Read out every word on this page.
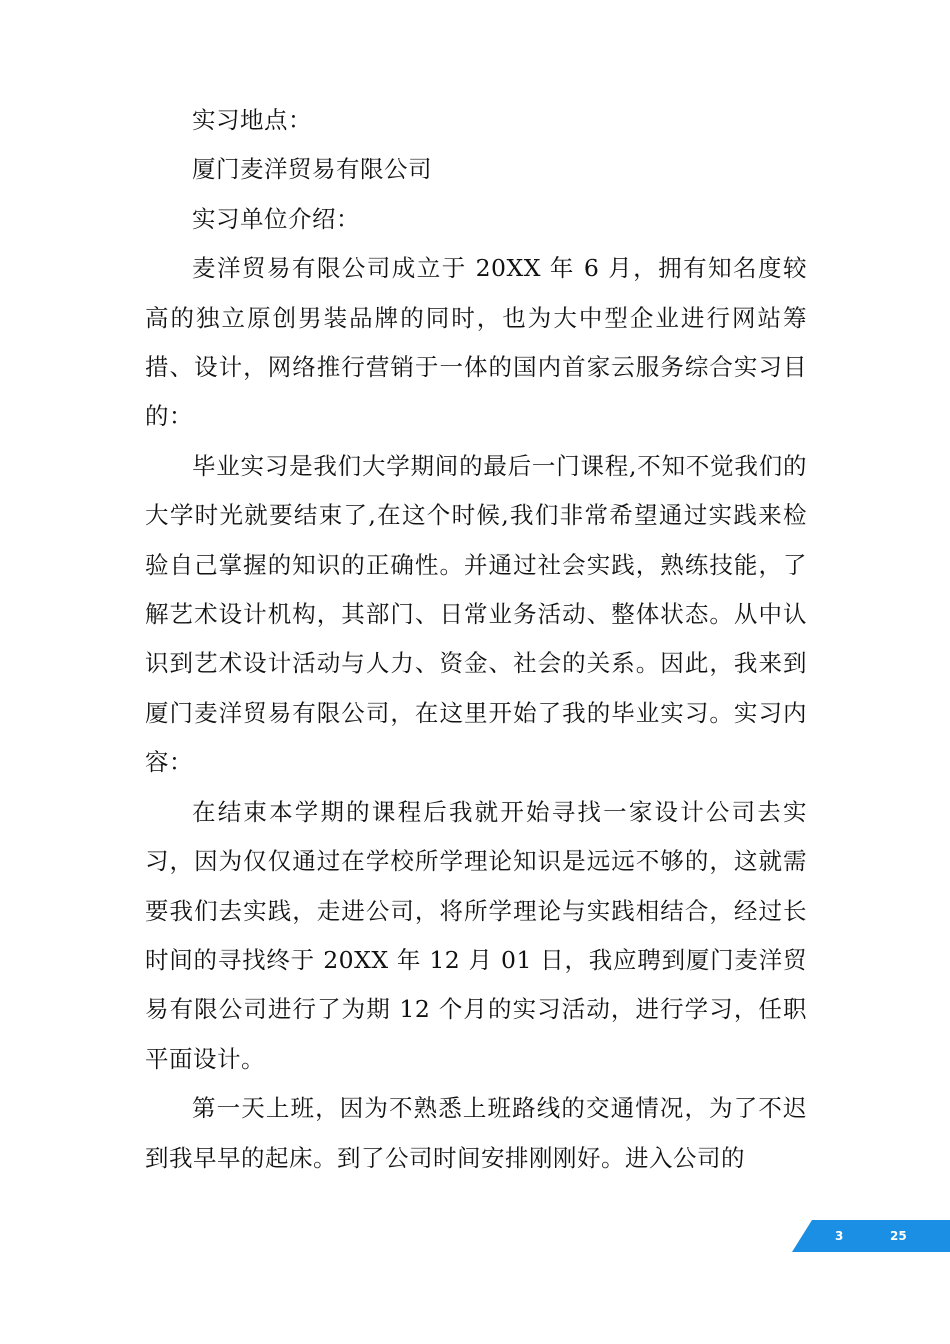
实习地点：

厦门麦洋贸易有限公司

实习单位介绍：

麦洋贸易有限公司成立于 20XX 年 6 月，拥有知名度较高的独立原创男装品牌的同时，也为大中型企业进行网站筹措、设计，网络推行营销于一体的国内首家云服务综合实习目的：

毕业实习是我们大学期间的最后一门课程,不知不觉我们的大学时光就要结束了,在这个时候,我们非常希望通过实践来检验自己掌握的知识的正确性。并通过社会实践，熟练技能，了解艺术设计机构，其部门、日常业务活动、整体状态。从中认识到艺术设计活动与人力、资金、社会的关系。因此，我来到厦门麦洋贸易有限公司，在这里开始了我的毕业实习。实习内容：

在结束本学期的课程后我就开始寻找一家设计公司去实习，因为仅仅通过在学校所学理论知识是远远不够的，这就需要我们去实践，走进公司，将所学理论与实践相结合，经过长时间的寻找终于 20XX 年 12 月 01 日，我应聘到厦门麦洋贸易有限公司进行了为期 12 个月的实习活动，进行学习，任职平面设计。

第一天上班，因为不熟悉上班路线的交通情况，为了不迟到我早早的起床。到了公司时间安排刚刚好。进入公司的

3	25
